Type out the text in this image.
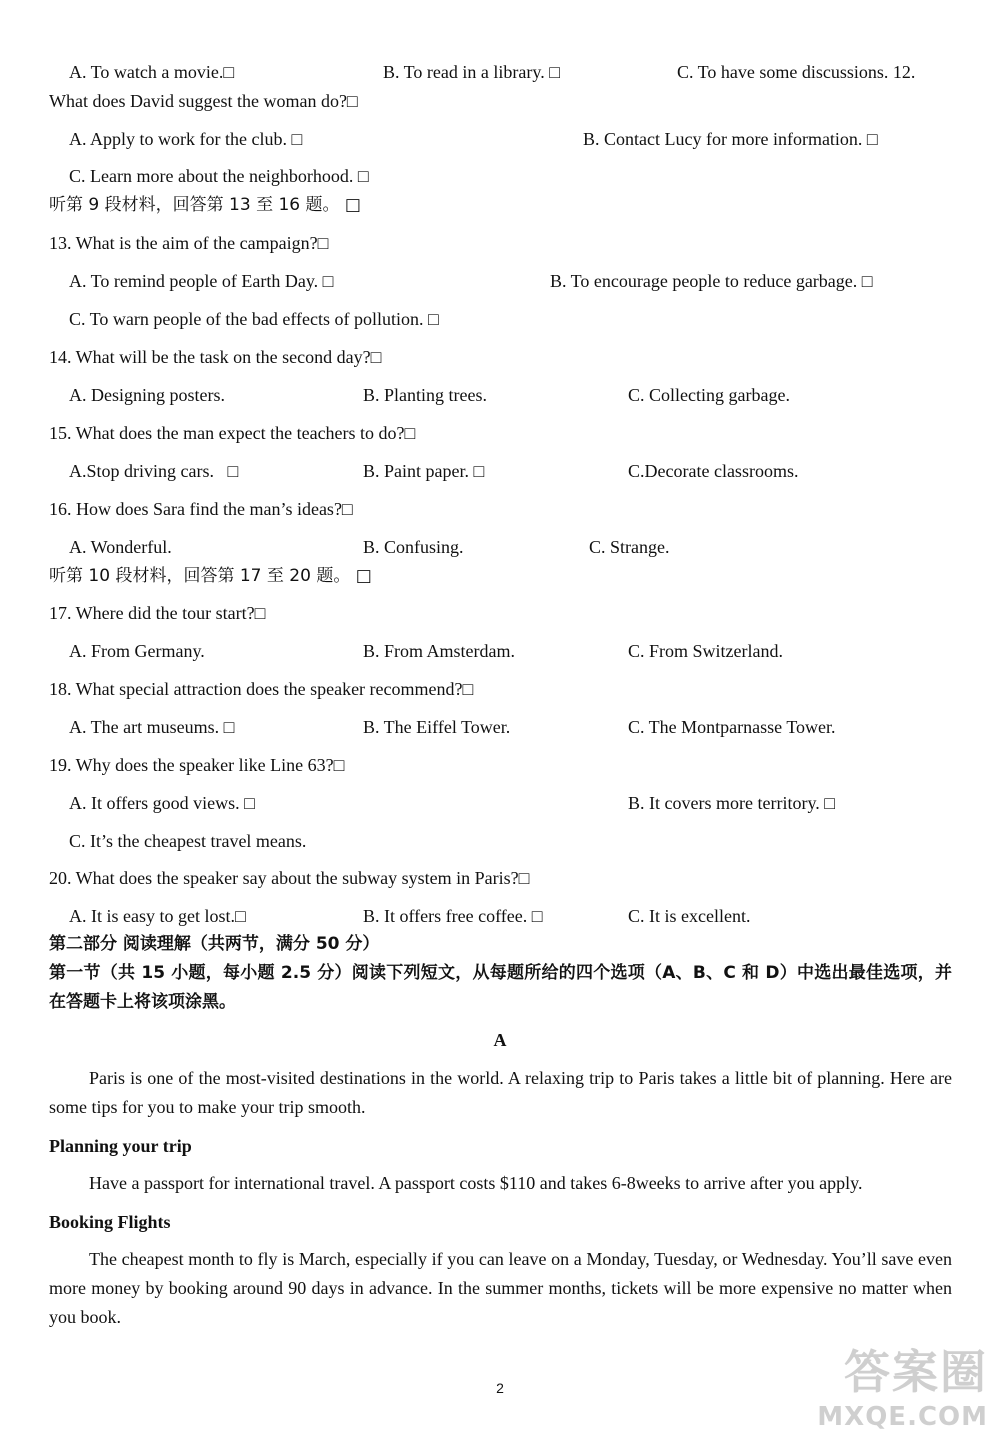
A. To watch a movie.□	B. To read in a library. □	C. To have some discussions. 12.
What does David suggest the woman do?□
A. Apply to work for the club. □	B. Contact Lucy for more information. □
C. Learn more about the neighborhood. □
听第 9 段材料，回答第 13 至 16 题。 □
13. What is the aim of the campaign?□
A. To remind people of Earth Day. □	B. To encourage people to reduce garbage. □
C. To warn people of the bad effects of pollution. □
14. What will be the task on the second day?□
A. Designing posters.	B. Planting trees.	C. Collecting garbage.
15. What does the man expect the teachers to do?□
A.Stop driving cars.   □	B. Paint paper. □	C.Decorate classrooms.
16. How does Sara find the man’s ideas?□
A. Wonderful.	B. Confusing.	C. Strange.
听第 10 段材料，回答第 17 至 20 题。 □
17. Where did the tour start?□
A. From Germany.	B. From Amsterdam.	C. From Switzerland.
18. What special attraction does the speaker recommend?□
A. The art museums. □	B. The Eiffel Tower.	C. The Montparnasse Tower.
19. Why does the speaker like Line 63?□
A. It offers good views. □	B. It covers more territory. □
C. It’s the cheapest travel means.
20. What does the speaker say about the subway system in Paris?□
A. It is easy to get lost.□	B. It offers free coffee. □	C. It is excellent.
第二部分 阅读理解（共两节，满分 50 分）
第一节（共 15 小题，每小题 2.5 分）阅读下列短文，从每题所给的四个选项（A、B、C 和 D）中选出最佳选项，并在答题卡上将该项涂黑。
A
Paris is one of the most-visited destinations in the world. A relaxing trip to Paris takes a little bit of planning. Here are some tips for you to make your trip smooth.
Planning your trip
Have a passport for international travel. A passport costs $110 and takes 6-8weeks to arrive after you apply.
Booking Flights
The cheapest month to fly is March, especially if you can leave on a Monday, Tuesday, or Wednesday. You’ll save even more money by booking around 90 days in advance. In the summer months, tickets will be more expensive no matter when you book.
2	答案圈
MXQE.COM
